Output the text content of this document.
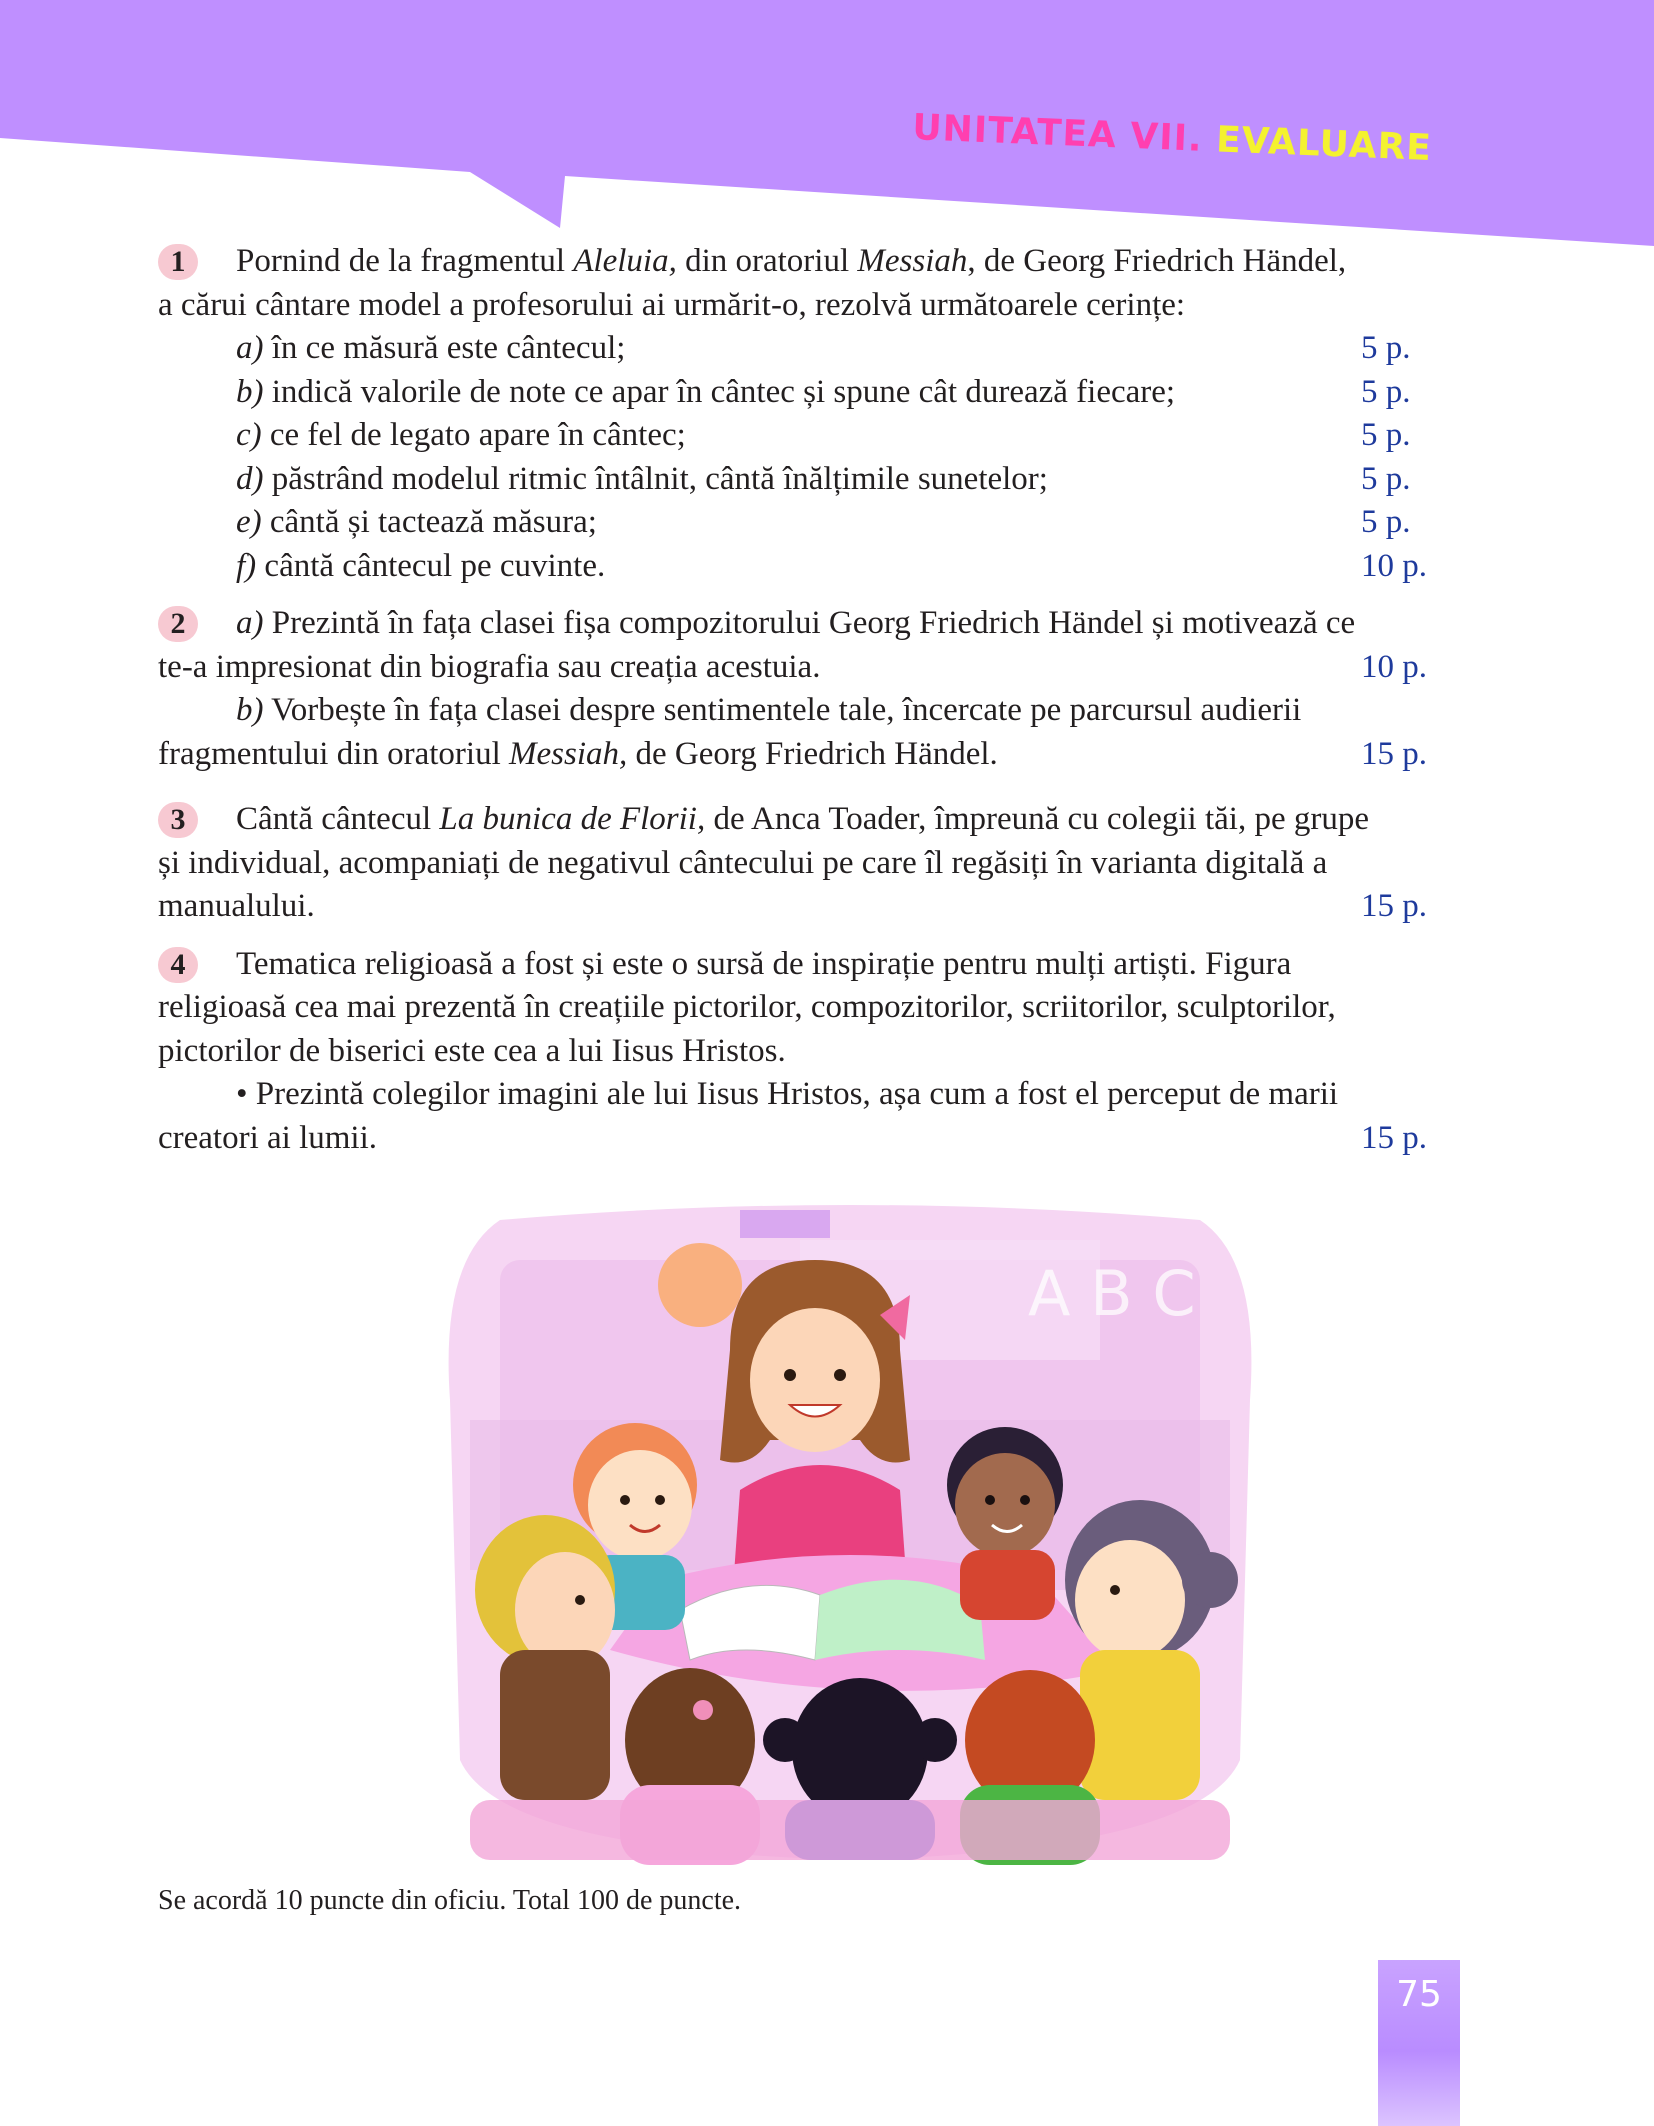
UNITATEA VII. EVALUARE
1	Pornind de la fragmentul Aleluia, din oratoriul Messiah, de Georg Friedrich Händel,
a cărui cântare model a profesorului ai urmărit-o, rezolvă următoarele cerințe:
a) în ce măsură este cântecul;	5 p.
b) indică valorile de note ce apar în cântec și spune cât durează fiecare;	5 p.
c) ce fel de legato apare în cântec;	5 p.
d) păstrând modelul ritmic întâlnit, cântă înălțimile sunetelor;	5 p.
e) cântă și tactează măsura;	5 p.
f) cântă cântecul pe cuvinte.	10 p.
2	a) Prezintă în fața clasei fișa compozitorului Georg Friedrich Händel și motivează ce
te-a impresionat din biografia sau creația acestuia.	10 p.
b) Vorbește în fața clasei despre sentimentele tale, încercate pe parcursul audierii
fragmentului din oratoriul Messiah, de Georg Friedrich Händel.	15 p.
3	Cântă cântecul La bunica de Florii, de Anca Toader, împreună cu colegii tăi, pe grupe
și individual, acompaniați de negativul cântecului pe care îl regăsiți în varianta digitală a
manualului.	15 p.
4	Tematica religioasă a fost și este o sursă de inspirație pentru mulți artiști. Figura
religioasă cea mai prezentă în creațiile pictorilor, compozitorilor, scriitorilor, sculptorilor,
pictorilor de biserici este cea a lui Iisus Hristos.
• Prezintă colegilor imagini ale lui Iisus Hristos, așa cum a fost el perceput de marii
creatori ai lumii.	15 p.
A B C
Se acordă 10 puncte din oficiu. Total 100 de puncte.
75
